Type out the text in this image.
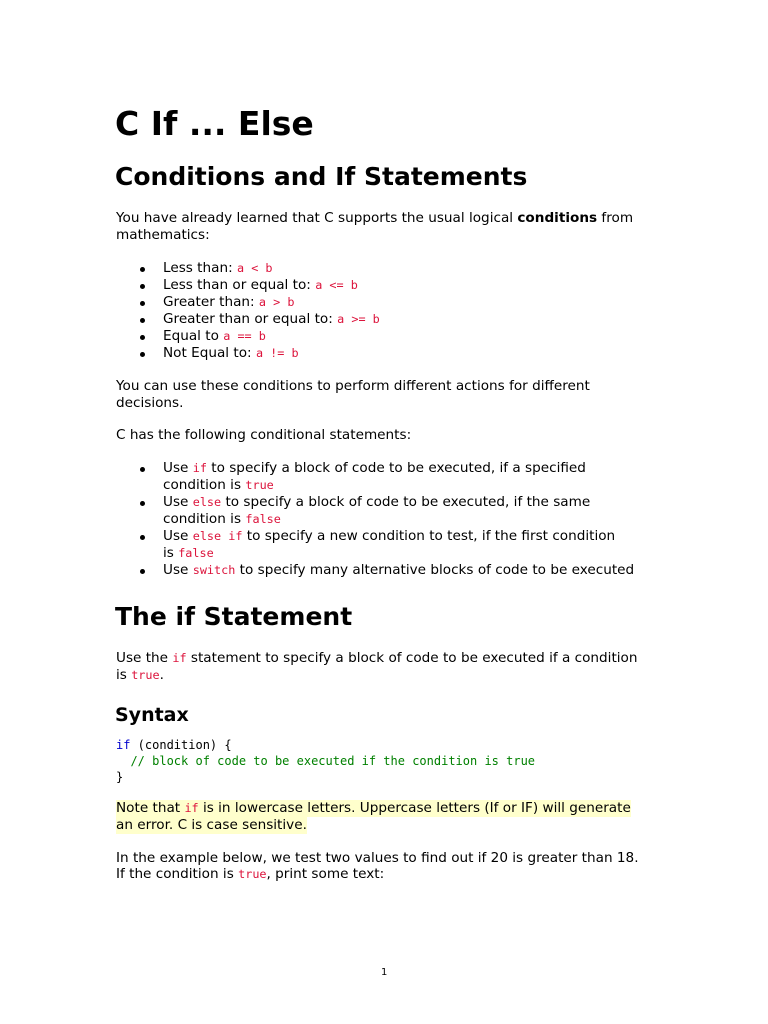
C If ... Else
Conditions and If Statements
You have already learned that C supports the usual logical conditions from
mathematics:
Less than: a < b
Less than or equal to: a <= b
Greater than: a > b
Greater than or equal to: a >= b
Equal to a == b
Not Equal to: a != b
You can use these conditions to perform different actions for different
decisions.
C has the following conditional statements:
Use if to specify a block of code to be executed, if a specified
condition is true
Use else to specify a block of code to be executed, if the same
condition is false
Use else if to specify a new condition to test, if the first condition
is false
Use switch to specify many alternative blocks of code to be executed
The if Statement
Use the if statement to specify a block of code to be executed if a condition
is true.
Syntax
if (condition) {
// block of code to be executed if the condition is true
}
Note that if is in lowercase letters. Uppercase letters (If or IF) will generate
an error. C is case sensitive.
In the example below, we test two values to find out if 20 is greater than 18.
If the condition is true, print some text:
1
